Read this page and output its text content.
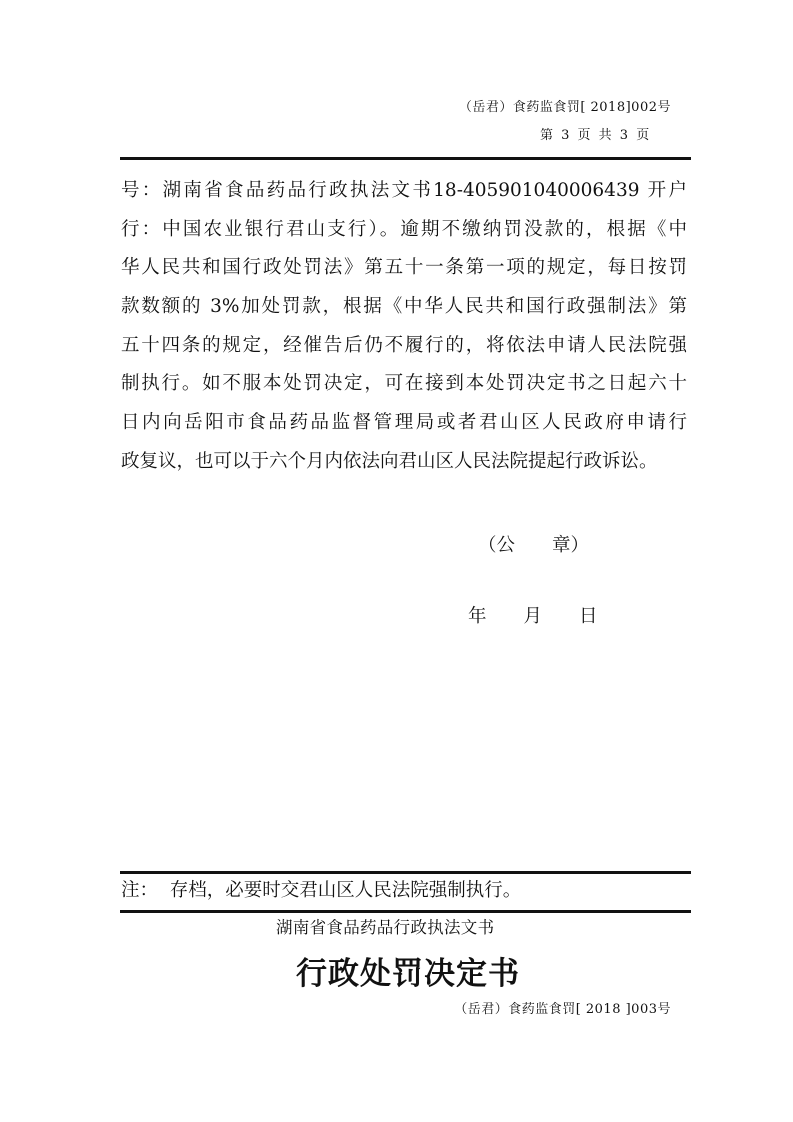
（岳君）食药监食罚[ 2018]002号
第 3 页 共 3 页
号：湖南省食品药品行政执法文书18-405901040006439 开户
行：中国农业银行君山支行）。逾期不缴纳罚没款的，根据《中
华人民共和国行政处罚法》第五十一条第一项的规定，每日按罚
款数额的 3%加处罚款，根据《中华人民共和国行政强制法》第
五十四条的规定，经催告后仍不履行的，将依法申请人民法院强
制执行。如不服本处罚决定，可在接到本处罚决定书之日起六十
日内向岳阳市食品药品监督管理局或者君山区人民政府申请行
政复议，也可以于六个月内依法向君山区人民法院提起行政诉讼。
（公　　章）
年　　月　　日
注：  存档，必要时交君山区人民法院强制执行。
湖南省食品药品行政执法文书
行政处罚决定书
（岳君）食药监食罚[ 2018 ]003号
